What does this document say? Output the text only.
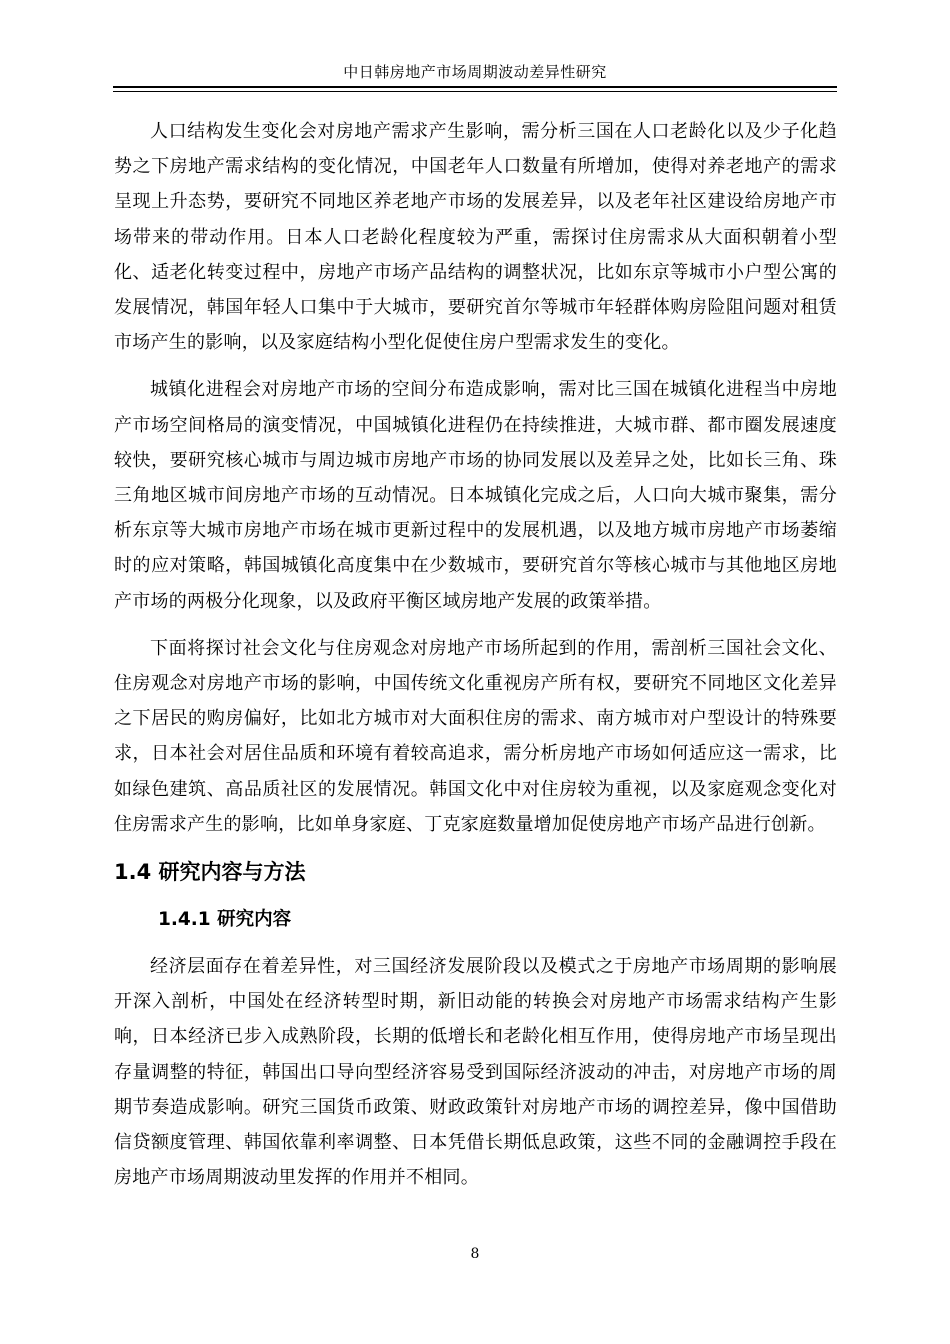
中日韩房地产市场周期波动差异性研究

人口结构发生变化会对房地产需求产生影响，需分析三国在人口老龄化以及少子化趋势之下房地产需求结构的变化情况，中国老年人口数量有所增加，使得对养老地产的需求呈现上升态势，要研究不同地区养老地产市场的发展差异，以及老年社区建设给房地产市场带来的带动作用。日本人口老龄化程度较为严重，需探讨住房需求从大面积朝着小型化、适老化转变过程中，房地产市场产品结构的调整状况，比如东京等城市小户型公寓的发展情况，韩国年轻人口集中于大城市，要研究首尔等城市年轻群体购房险阻问题对租赁市场产生的影响，以及家庭结构小型化促使住房户型需求发生的变化。

城镇化进程会对房地产市场的空间分布造成影响，需对比三国在城镇化进程当中房地产市场空间格局的演变情况，中国城镇化进程仍在持续推进，大城市群、都市圈发展速度较快，要研究核心城市与周边城市房地产市场的协同发展以及差异之处，比如长三角、珠三角地区城市间房地产市场的互动情况。日本城镇化完成之后，人口向大城市聚集，需分析东京等大城市房地产市场在城市更新过程中的发展机遇，以及地方城市房地产市场萎缩时的应对策略，韩国城镇化高度集中在少数城市，要研究首尔等核心城市与其他地区房地产市场的两极分化现象，以及政府平衡区域房地产发展的政策举措。

下面将探讨社会文化与住房观念对房地产市场所起到的作用，需剖析三国社会文化、住房观念对房地产市场的影响，中国传统文化重视房产所有权，要研究不同地区文化差异之下居民的购房偏好，比如北方城市对大面积住房的需求、南方城市对户型设计的特殊要求，日本社会对居住品质和环境有着较高追求，需分析房地产市场如何适应这一需求，比如绿色建筑、高品质社区的发展情况。韩国文化中对住房较为重视，以及家庭观念变化对住房需求产生的影响，比如单身家庭、丁克家庭数量增加促使房地产市场产品进行创新。

1.4 研究内容与方法
1.4.1 研究内容

经济层面存在着差异性，对三国经济发展阶段以及模式之于房地产市场周期的影响展开深入剖析，中国处在经济转型时期，新旧动能的转换会对房地产市场需求结构产生影响，日本经济已步入成熟阶段，长期的低增长和老龄化相互作用，使得房地产市场呈现出存量调整的特征，韩国出口导向型经济容易受到国际经济波动的冲击，对房地产市场的周期节奏造成影响。研究三国货币政策、财政政策针对房地产市场的调控差异，像中国借助信贷额度管理、韩国依靠利率调整、日本凭借长期低息政策，这些不同的金融调控手段在房地产市场周期波动里发挥的作用并不相同。

8
